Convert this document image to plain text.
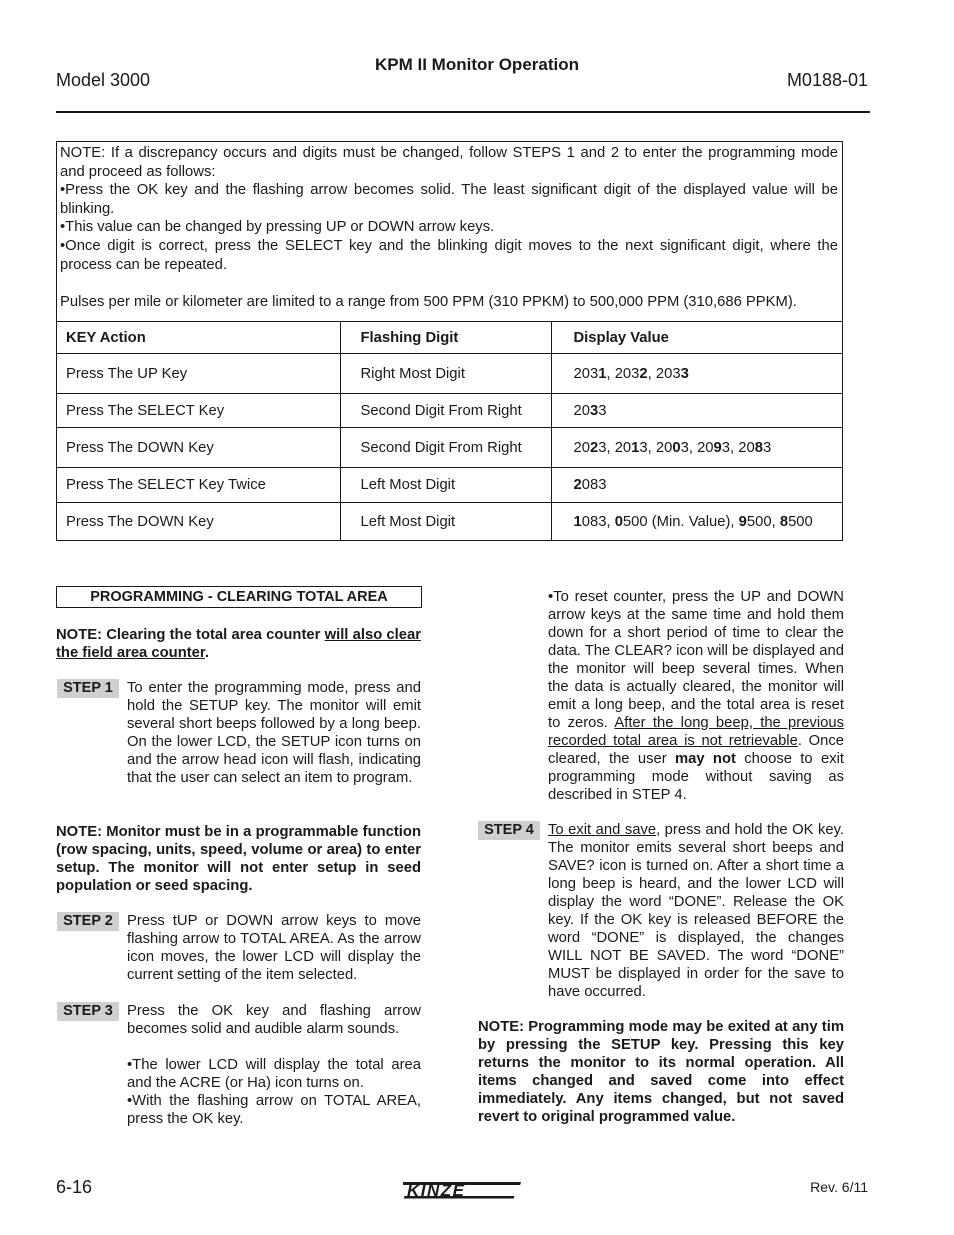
KPM II Monitor Operation
Model 3000	M0188-01

NOTE: If a discrepancy occurs and digits must be changed, follow STEPS 1 and 2 to enter the programming mode and proceed as follows:

•Press the OK key and the flashing arrow becomes solid. The least significant digit of the displayed value will be blinking.

•This value can be changed by pressing UP or DOWN arrow keys.

•Once digit is correct, press the SELECT key and the blinking digit moves to the next significant digit, where the process can be repeated.

Pulses per mile or kilometer are limited to a range from 500 PPM (310 PPKM) to 500,000 PPM (310,686 PPKM).

KEY Action	Flashing Digit	Display Value
Press The UP Key	Right Most Digit	2031, 2032, 2033
Press The SELECT Key	Second Digit From Right	2033
Press The DOWN Key	Second Digit From Right	2023, 2013, 2003, 2093, 2083
Press The SELECT Key Twice	Left Most Digit	2083
Press The DOWN Key	Left Most Digit	1083, 0500 (Min. Value), 9500, 8500
PROGRAMMING - CLEARING TOTAL AREA

NOTE: Clearing the total area counter will also clear the field area counter.

STEP 1 To enter the programming mode, press and hold the SETUP key. The monitor will emit several short beeps followed by a long beep. On the lower LCD, the SETUP icon turns on and the arrow head icon will flash, indicating that the user can select an item to program.

NOTE: Monitor must be in a programmable function (row spacing, units, speed, volume or area) to enter setup. The monitor will not enter setup in seed population or seed spacing.
STEP 2 Press tUP or DOWN arrow keys to move flashing arrow to TOTAL AREA. As the arrow icon moves, the lower LCD will display the current setting of the item selected.

STEP 3 Press the OK key and flashing arrow becomes solid and audible alarm sounds.

•The lower LCD will display the total area and the ACRE (or Ha) icon turns on.

•With the flashing arrow on TOTAL AREA, press the OK key.

•To reset counter, press the UP and DOWN arrow keys at the same time and hold them down for a short period of time to clear the data. The CLEAR? icon will be displayed and the monitor will beep several times. When the data is actually cleared, the monitor will emit a long beep, and the total area is reset to zeros. After the long beep, the previous recorded total area is not retrievable. Once cleared, the user may not choose to exit programming mode without saving as described in STEP 4.

STEP 4 To exit and save, press and hold the OK key. The monitor emits several short beeps and SAVE? icon is turned on. After a short time a long beep is heard, and the lower LCD will display the word “DONE”. Release the OK key. If the OK key is released BEFORE the word “DONE” is displayed, the changes WILL NOT BE SAVED. The word “DONE” MUST be displayed in order for the save to have occurred.

NOTE: Programming mode may be exited at any tim by pressing the SETUP key. Pressing this key returns the monitor to its normal operation. All items changed and saved come into effect immediately. Any items changed, but not saved revert to original programmed value.
6-16	KINZE	Rev. 6/11
